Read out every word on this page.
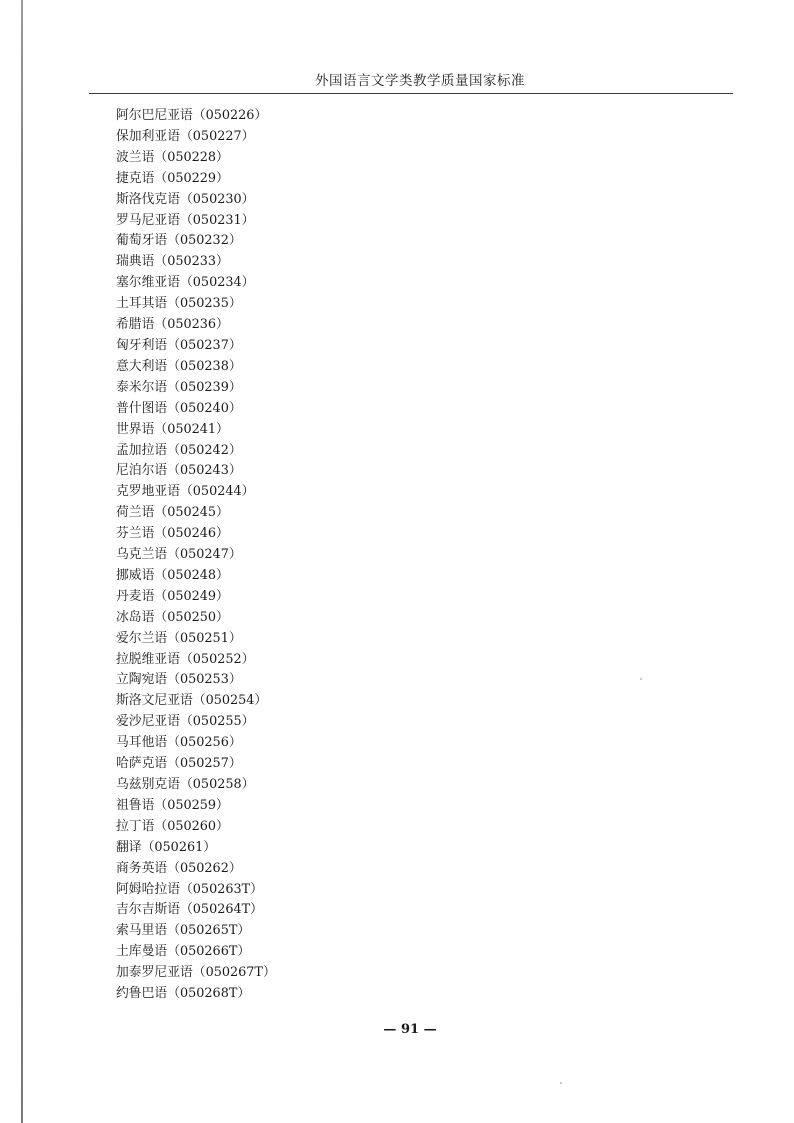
外国语言文学类教学质量国家标准
阿尔巴尼亚语（050226）
保加利亚语（050227）
波兰语（050228）
捷克语（050229）
斯洛伐克语（050230）
罗马尼亚语（050231）
葡萄牙语（050232）
瑞典语（050233）
塞尔维亚语（050234）
土耳其语（050235）
希腊语（050236）
匈牙利语（050237）
意大利语（050238）
泰米尔语（050239）
普什图语（050240）
世界语（050241）
孟加拉语（050242）
尼泊尔语（050243）
克罗地亚语（050244）
荷兰语（050245）
芬兰语（050246）
乌克兰语（050247）
挪威语（050248）
丹麦语（050249）
冰岛语（050250）
爱尔兰语（050251）
拉脱维亚语（050252）
立陶宛语（050253）
斯洛文尼亚语（050254）
爱沙尼亚语（050255）
马耳他语（050256）
哈萨克语（050257）
乌兹别克语（050258）
祖鲁语（050259）
拉丁语（050260）
翻译（050261）
商务英语（050262）
阿姆哈拉语（050263T）
吉尔吉斯语（050264T）
索马里语（050265T）
土库曼语（050266T）
加泰罗尼亚语（050267T）
约鲁巴语（050268T）
— 91 —
